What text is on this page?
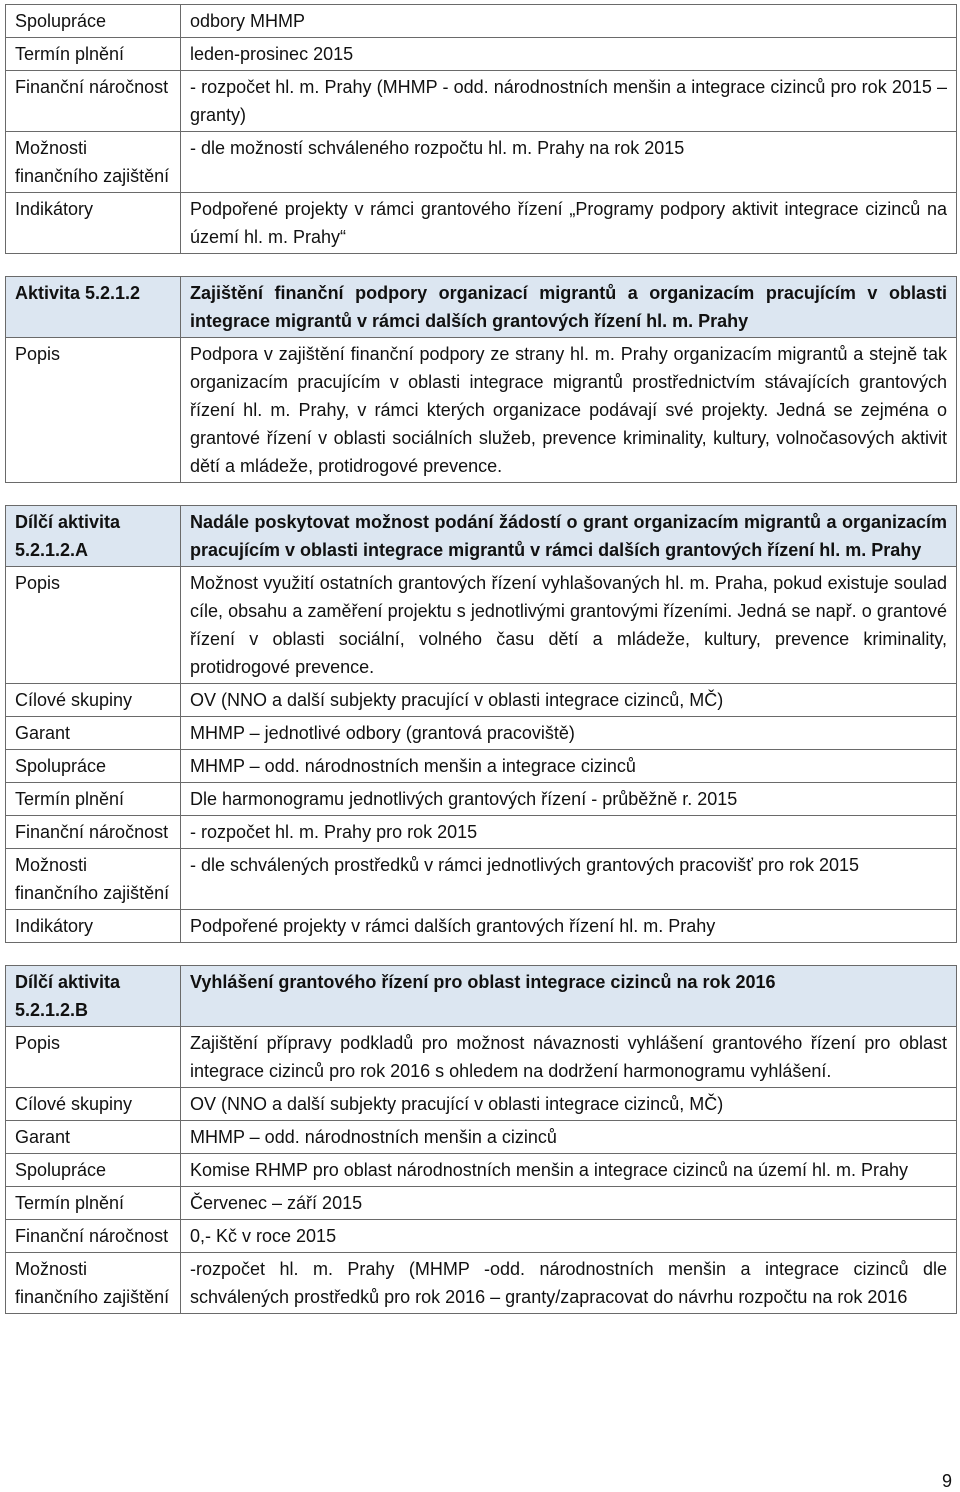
Spolupráce	odbory MHMP
Termín plnění	leden-prosinec 2015
Finanční náročnost	- rozpočet hl. m. Prahy (MHMP - odd. národnostních menšin a integrace cizinců pro rok 2015 – granty)
Možnosti finančního zajištění	- dle možností schváleného rozpočtu hl. m. Prahy na rok 2015
Indikátory	Podpořené projekty v rámci grantového řízení „Programy podpory aktivit integrace cizinců na území hl. m. Prahy“
Aktivita 5.2.1.2	Zajištění finanční podpory organizací migrantů a organizacím pracujícím v oblasti integrace migrantů v rámci dalších grantových řízení hl. m. Prahy
Popis	Podpora v zajištění finanční podpory ze strany hl. m. Prahy organizacím migrantů a stejně tak organizacím pracujícím v oblasti integrace migrantů prostřednictvím stávajících grantových řízení hl. m. Prahy, v rámci kterých organizace podávají své projekty. Jedná se zejména o grantové řízení v oblasti sociálních služeb, prevence kriminality, kultury, volnočasových aktivit dětí a mládeže, protidrogové prevence.
Dílčí aktivita 5.2.1.2.A	Nadále poskytovat možnost podání žádostí o grant organizacím migrantů a organizacím pracujícím v oblasti integrace migrantů v rámci dalších grantových řízení hl. m. Prahy
Popis	Možnost využití ostatních grantových řízení vyhlašovaných hl. m. Praha, pokud existuje soulad cíle, obsahu a zaměření projektu s jednotlivými grantovými řízeními. Jedná se např. o grantové řízení v oblasti sociální, volného času dětí a mládeže, kultury, prevence kriminality, protidrogové prevence.
Cílové skupiny	OV (NNO a další subjekty pracující v oblasti integrace cizinců, MČ)
Garant	MHMP – jednotlivé odbory (grantová pracoviště)
Spolupráce	MHMP – odd. národnostních menšin a integrace cizinců
Termín plnění	Dle harmonogramu jednotlivých grantových řízení - průběžně r. 2015
Finanční náročnost	- rozpočet hl. m. Prahy pro rok 2015
Možnosti finančního zajištění	- dle schválených prostředků v rámci jednotlivých grantových pracovišť pro rok 2015
Indikátory	Podpořené projekty v rámci dalších grantových řízení hl. m. Prahy
Dílčí aktivita 5.2.1.2.B	Vyhlášení grantového řízení pro oblast integrace cizinců na rok 2016
Popis	Zajištění přípravy podkladů pro možnost návaznosti vyhlášení grantového řízení pro oblast integrace cizinců pro rok 2016 s ohledem na dodržení harmonogramu vyhlášení.
Cílové skupiny	OV (NNO a další subjekty pracující v oblasti integrace cizinců, MČ)
Garant	MHMP – odd. národnostních menšin a cizinců
Spolupráce	Komise RHMP pro oblast národnostních menšin a integrace cizinců na území hl. m. Prahy
Termín plnění	Červenec – září 2015
Finanční náročnost	0,- Kč v roce 2015
Možnosti finančního zajištění	-rozpočet hl. m. Prahy (MHMP -odd. národnostních menšin a integrace cizinců dle schválených prostředků pro rok 2016 – granty/zapracovat do návrhu rozpočtu na rok 2016
9
